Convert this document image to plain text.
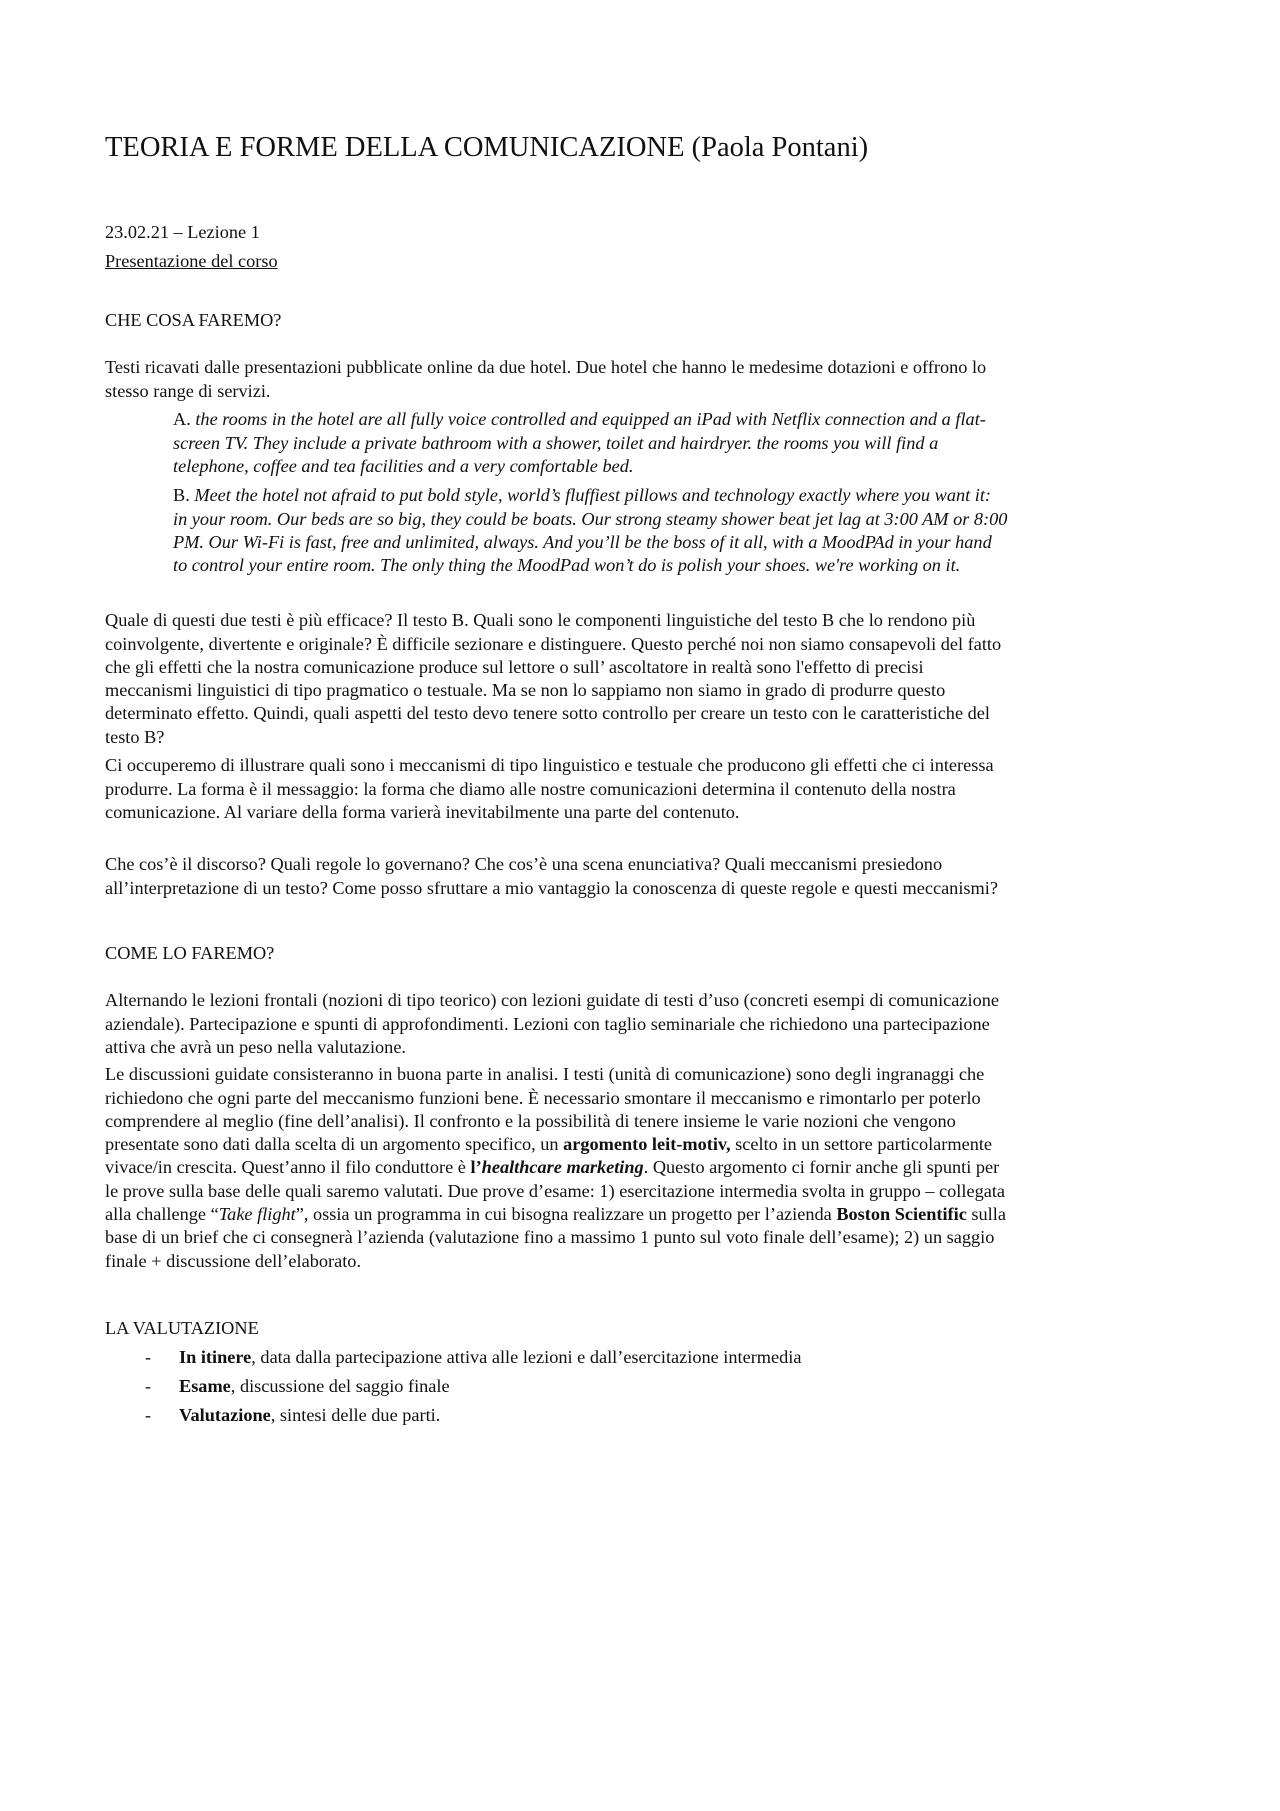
TEORIA E FORME DELLA COMUNICAZIONE (Paola Pontani)

23.02.21 – Lezione 1

Presentazione del corso

CHE COSA FAREMO?

Testi ricavati dalle presentazioni pubblicate online da due hotel. Due hotel che hanno le medesime dotazioni e offrono lo stesso range di servizi.

A. the rooms in the hotel are all fully voice controlled and equipped an iPad with Netflix connection and a flat-screen TV. They include a private bathroom with a shower, toilet and hairdryer. the rooms you will find a telephone, coffee and tea facilities and a very comfortable bed.

B. Meet the hotel not afraid to put bold style, world’s fluffiest pillows and technology exactly where you want it: in your room. Our beds are so big, they could be boats. Our strong steamy shower beat jet lag at 3:00 AM or 8:00 PM. Our Wi-Fi is fast, free and unlimited, always. And you’ll be the boss of it all, with a MoodPAd in your hand to control your entire room. The only thing the MoodPad won’t do is polish your shoes. we're working on it.

Quale di questi due testi è più efficace? Il testo B. Quali sono le componenti linguistiche del testo B che lo rendono più coinvolgente, divertente e originale? È difficile sezionare e distinguere. Questo perché noi non siamo consapevoli del fatto che gli effetti che la nostra comunicazione produce sul lettore o sull’ ascoltatore in realtà sono l'effetto di precisi meccanismi linguistici di tipo pragmatico o testuale. Ma se non lo sappiamo non siamo in grado di produrre questo determinato effetto. Quindi, quali aspetti del testo devo tenere sotto controllo per creare un testo con le caratteristiche del testo B?

Ci occuperemo di illustrare quali sono i meccanismi di tipo linguistico e testuale che producono gli effetti che ci interessa produrre. La forma è il messaggio: la forma che diamo alle nostre comunicazioni determina il contenuto della nostra comunicazione. Al variare della forma varierà inevitabilmente una parte del contenuto.

Che cos’è il discorso? Quali regole lo governano? Che cos’è una scena enunciativa? Quali meccanismi presiedono all’interpretazione di un testo? Come posso sfruttare a mio vantaggio la conoscenza di queste regole e questi meccanismi?

COME LO FAREMO?

Alternando le lezioni frontali (nozioni di tipo teorico) con lezioni guidate di testi d’uso (concreti esempi di comunicazione aziendale). Partecipazione e spunti di approfondimenti. Lezioni con taglio seminariale che richiedono una partecipazione attiva che avrà un peso nella valutazione.

Le discussioni guidate consisteranno in buona parte in analisi. I testi (unità di comunicazione) sono degli ingranaggi che richiedono che ogni parte del meccanismo funzioni bene. È necessario smontare il meccanismo e rimontarlo per poterlo comprendere al meglio (fine dell’analisi). Il confronto e la possibilità di tenere insieme le varie nozioni che vengono presentate sono dati dalla scelta di un argomento specifico, un argomento leit-motiv, scelto in un settore particolarmente vivace/in crescita. Quest’anno il filo conduttore è l’healthcare marketing. Questo argomento ci fornir anche gli spunti per le prove sulla base delle quali saremo valutati. Due prove d’esame: 1) esercitazione intermedia svolta in gruppo – collegata alla challenge “Take flight”, ossia un programma in cui bisogna realizzare un progetto per l’azienda Boston Scientific sulla base di un brief che ci consegnerà l’azienda (valutazione fino a massimo 1 punto sul voto finale dell’esame); 2) un saggio finale + discussione dell’elaborato.

LA VALUTAZIONE

- In itinere, data dalla partecipazione attiva alle lezioni e dall’esercitazione intermedia
- Esame, discussione del saggio finale
- Valutazione, sintesi delle due parti.
